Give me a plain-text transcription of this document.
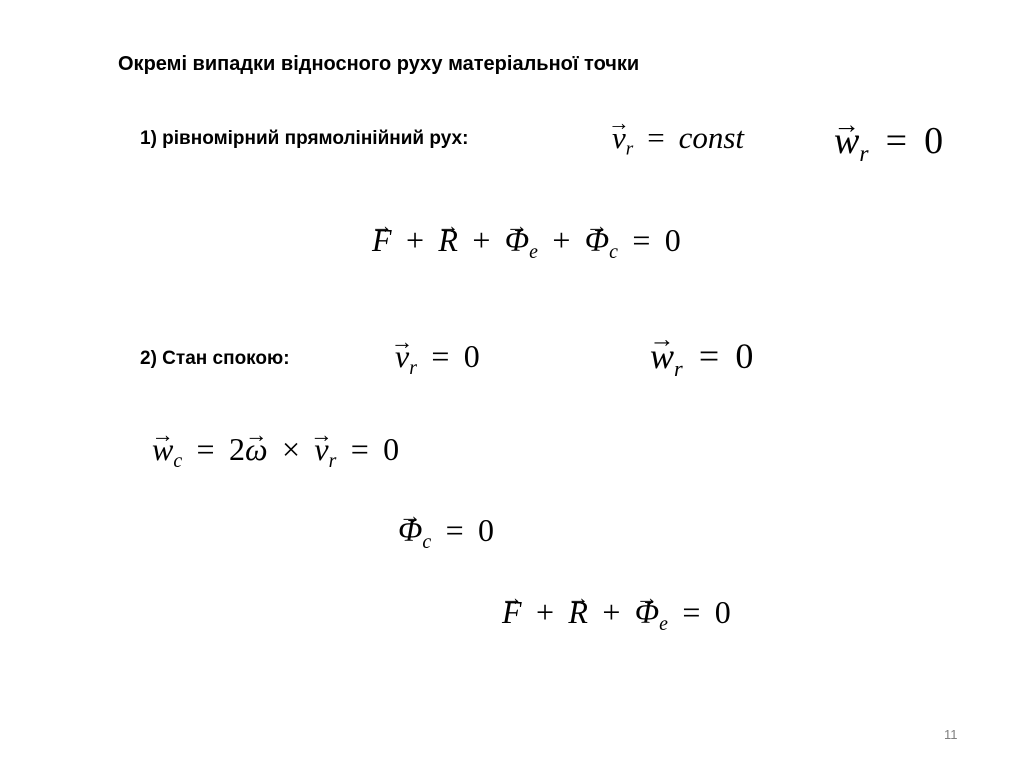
Окремі випадки відносного руху матеріальної точки
1) рівномірний прямолінійний рух:	→ $v_r$ = const → $w_r = 0$
→ F + → R + → $\Phi_e$ + → $\Phi_c = 0$
2) Стан спокою:	→ $v_r = 0$	→ $w_r = 0$
→ $w_c = 2\to \omega$ × → $v_r = 0$
→ $\Phi_c = 0$
→ F + → R + → $\Phi_e = 0$
11
